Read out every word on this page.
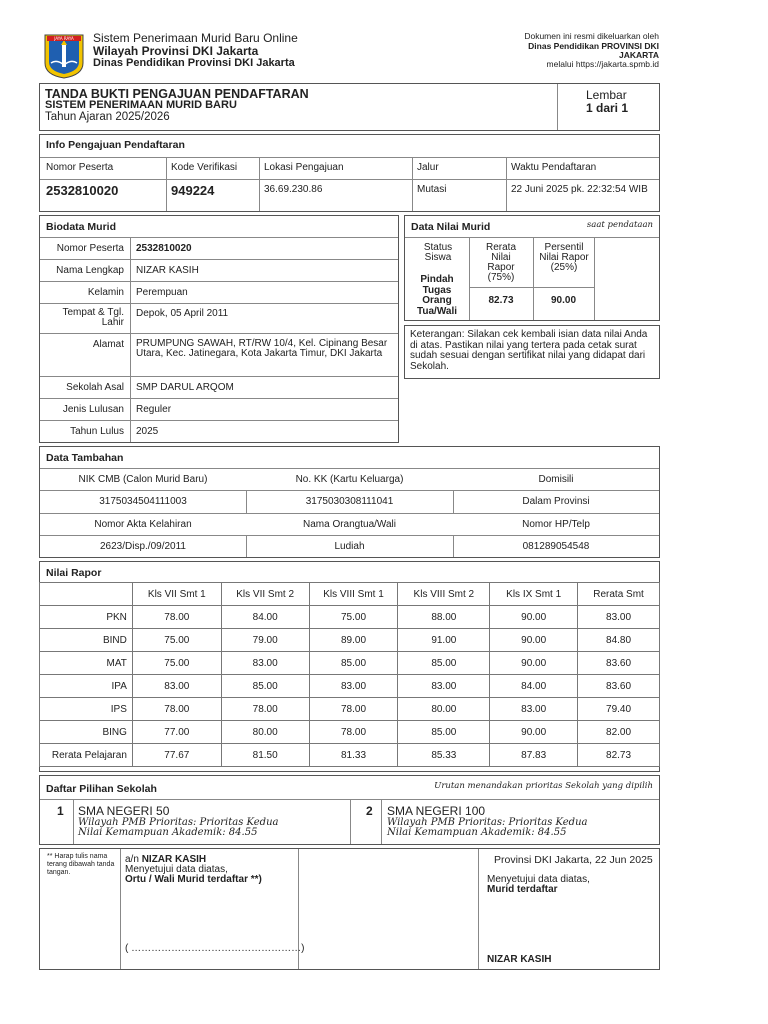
JAYA RAYA Sistem Penerimaan Murid Baru Online
Wilayah Provinsi DKI Jakarta
Dinas Pendidikan Provinsi DKI Jakarta
Dokumen ini resmi dikeluarkan oleh
Dinas Pendidikan PROVINSI DKI
JAKARTA
melalui https://jakarta.spmb.id
TANDA BUKTI PENGAJUAN PENDAFTARAN
SISTEM PENERIMAAN MURID BARU
Tahun Ajaran 2025/2026
Lembar
1 dari 1
Info Pengajuan Pendaftaran
Nomor Peserta	Kode Verifikasi	Lokasi Pengajuan	Jalur	Waktu Pendaftaran
2532810020	949224	36.69.230.86	Mutasi	22 Juni 2025 pk. 22:32:54 WIB
Biodata Murid
Nomor Peserta 2532810020
Nama Lengkap NIZAR KASIH
Kelamin Perempuan
Tempat & Tgl. Lahir
Depok, 05 April 2011
Alamat PRUMPUNG SAWAH, RT/RW 10/4, Kel. Cipinang Besar Utara, Kec. Jatinegara, Kota Jakarta Timur, DKI Jakarta
Sekolah Asal SMP DARUL ARQOM
Jenis Lulusan Reguler
Tahun Lulus 2025
Data Nilai Murid	saat pendataan
Status Siswa
Rerata Nilai Rapor (75%)
Persentil Nilai Rapor (25%)
Pindah Tugas Orang Tua/Wali
82.73	90.00
Keterangan: Silakan cek kembali isian data nilai Anda di atas. Pastikan nilai yang tertera pada cetak surat sudah sesuai dengan sertifikat nilai yang didapat dari Sekolah.
Data Tambahan
NIK CMB (Calon Murid Baru)	No. KK (Kartu Keluarga)	Domisili
3175034504111003	3175030308111041	Dalam Provinsi
Nomor Akta Kelahiran	Nama Orangtua/Wali	Nomor HP/Telp
2623/Disp./09/2011	Ludiah	081289054548
Nilai Rapor
	Kls VII Smt 1	Kls VII Smt 2	Kls VIII Smt 1	Kls VIII Smt 2	Kls IX Smt 1	Rerata Smt
PKN	78.00	84.00	75.00	88.00	90.00	83.00
BIND	75.00	79.00	89.00	91.00	90.00	84.80
MAT	75.00	83.00	85.00	85.00	90.00	83.60
IPA	83.00	85.00	83.00	83.00	84.00	83.60
IPS	78.00	78.00	78.00	80.00	83.00	79.40
BING	77.00	80.00	78.00	85.00	90.00	82.00
Rerata Pelajaran	77.67	81.50	81.33	85.33	87.83	82.73
Daftar Pilihan Sekolah	Urutan menandakan prioritas Sekolah yang dipilih
1 SMA NEGERI 50
Wilayah PMB Prioritas: Prioritas Kedua
Nilai Kemampuan Akademik: 84.55
2 SMA NEGERI 100
Wilayah PMB Prioritas: Prioritas Kedua
Nilai Kemampuan Akademik: 84.55
** Harap tulis nama terang dibawah tanda tangan.
a/n NIZAR KASIH
Menyetujui data diatas,
Ortu / Wali Murid terdaftar **)
( ……………………………………………)
Provinsi DKI Jakarta, 22 Jun 2025
Menyetujui data diatas,
Murid terdaftar
NIZAR KASIH
